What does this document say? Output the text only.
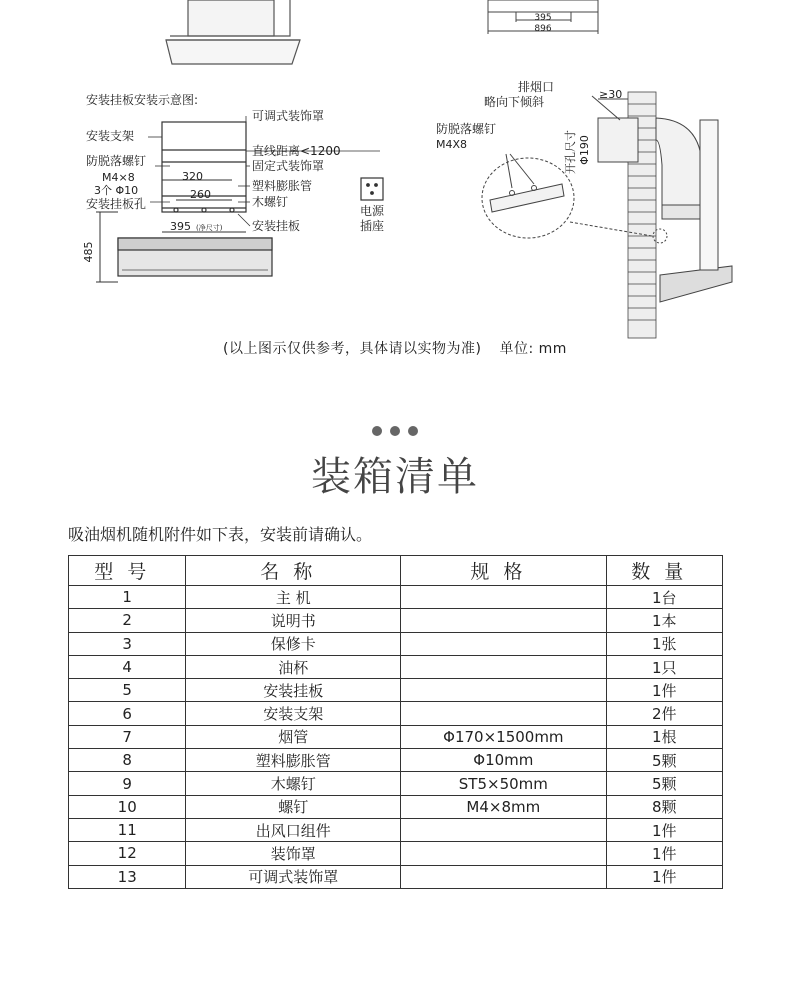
395
896
安装挂板安装示意图:
485
320
260
395 (净尺寸)
安装支架
防脱落螺钉
M4×8
3个 Φ10
安装挂板孔
可调式装饰罩
直线距离<1200
固定式装饰罩
塑料膨胀管
木螺钉
安装挂板
电源
插座
排烟口
略向下倾斜
≥30
防脱落螺钉
M4X8	开孔尺寸 Φ190
(以上图示仅供参考，具体请以实物为准) 单位: mm
装箱清单
吸油烟机随机附件如下表，安装前请确认。
型号	名称	规格	数量
1	主 机		1台
2	说明书		1本
3	保修卡		1张
4	油杯		1只
5	安装挂板		1件
6	安装支架		2件
7	烟管	Φ170×1500mm	1根
8	塑料膨胀管	Φ10mm	5颗
9	木螺钉	ST5×50mm	5颗
10	螺钉	M4×8mm	8颗
11	出风口组件		1件
12	装饰罩		1件
13	可调式装饰罩		1件
